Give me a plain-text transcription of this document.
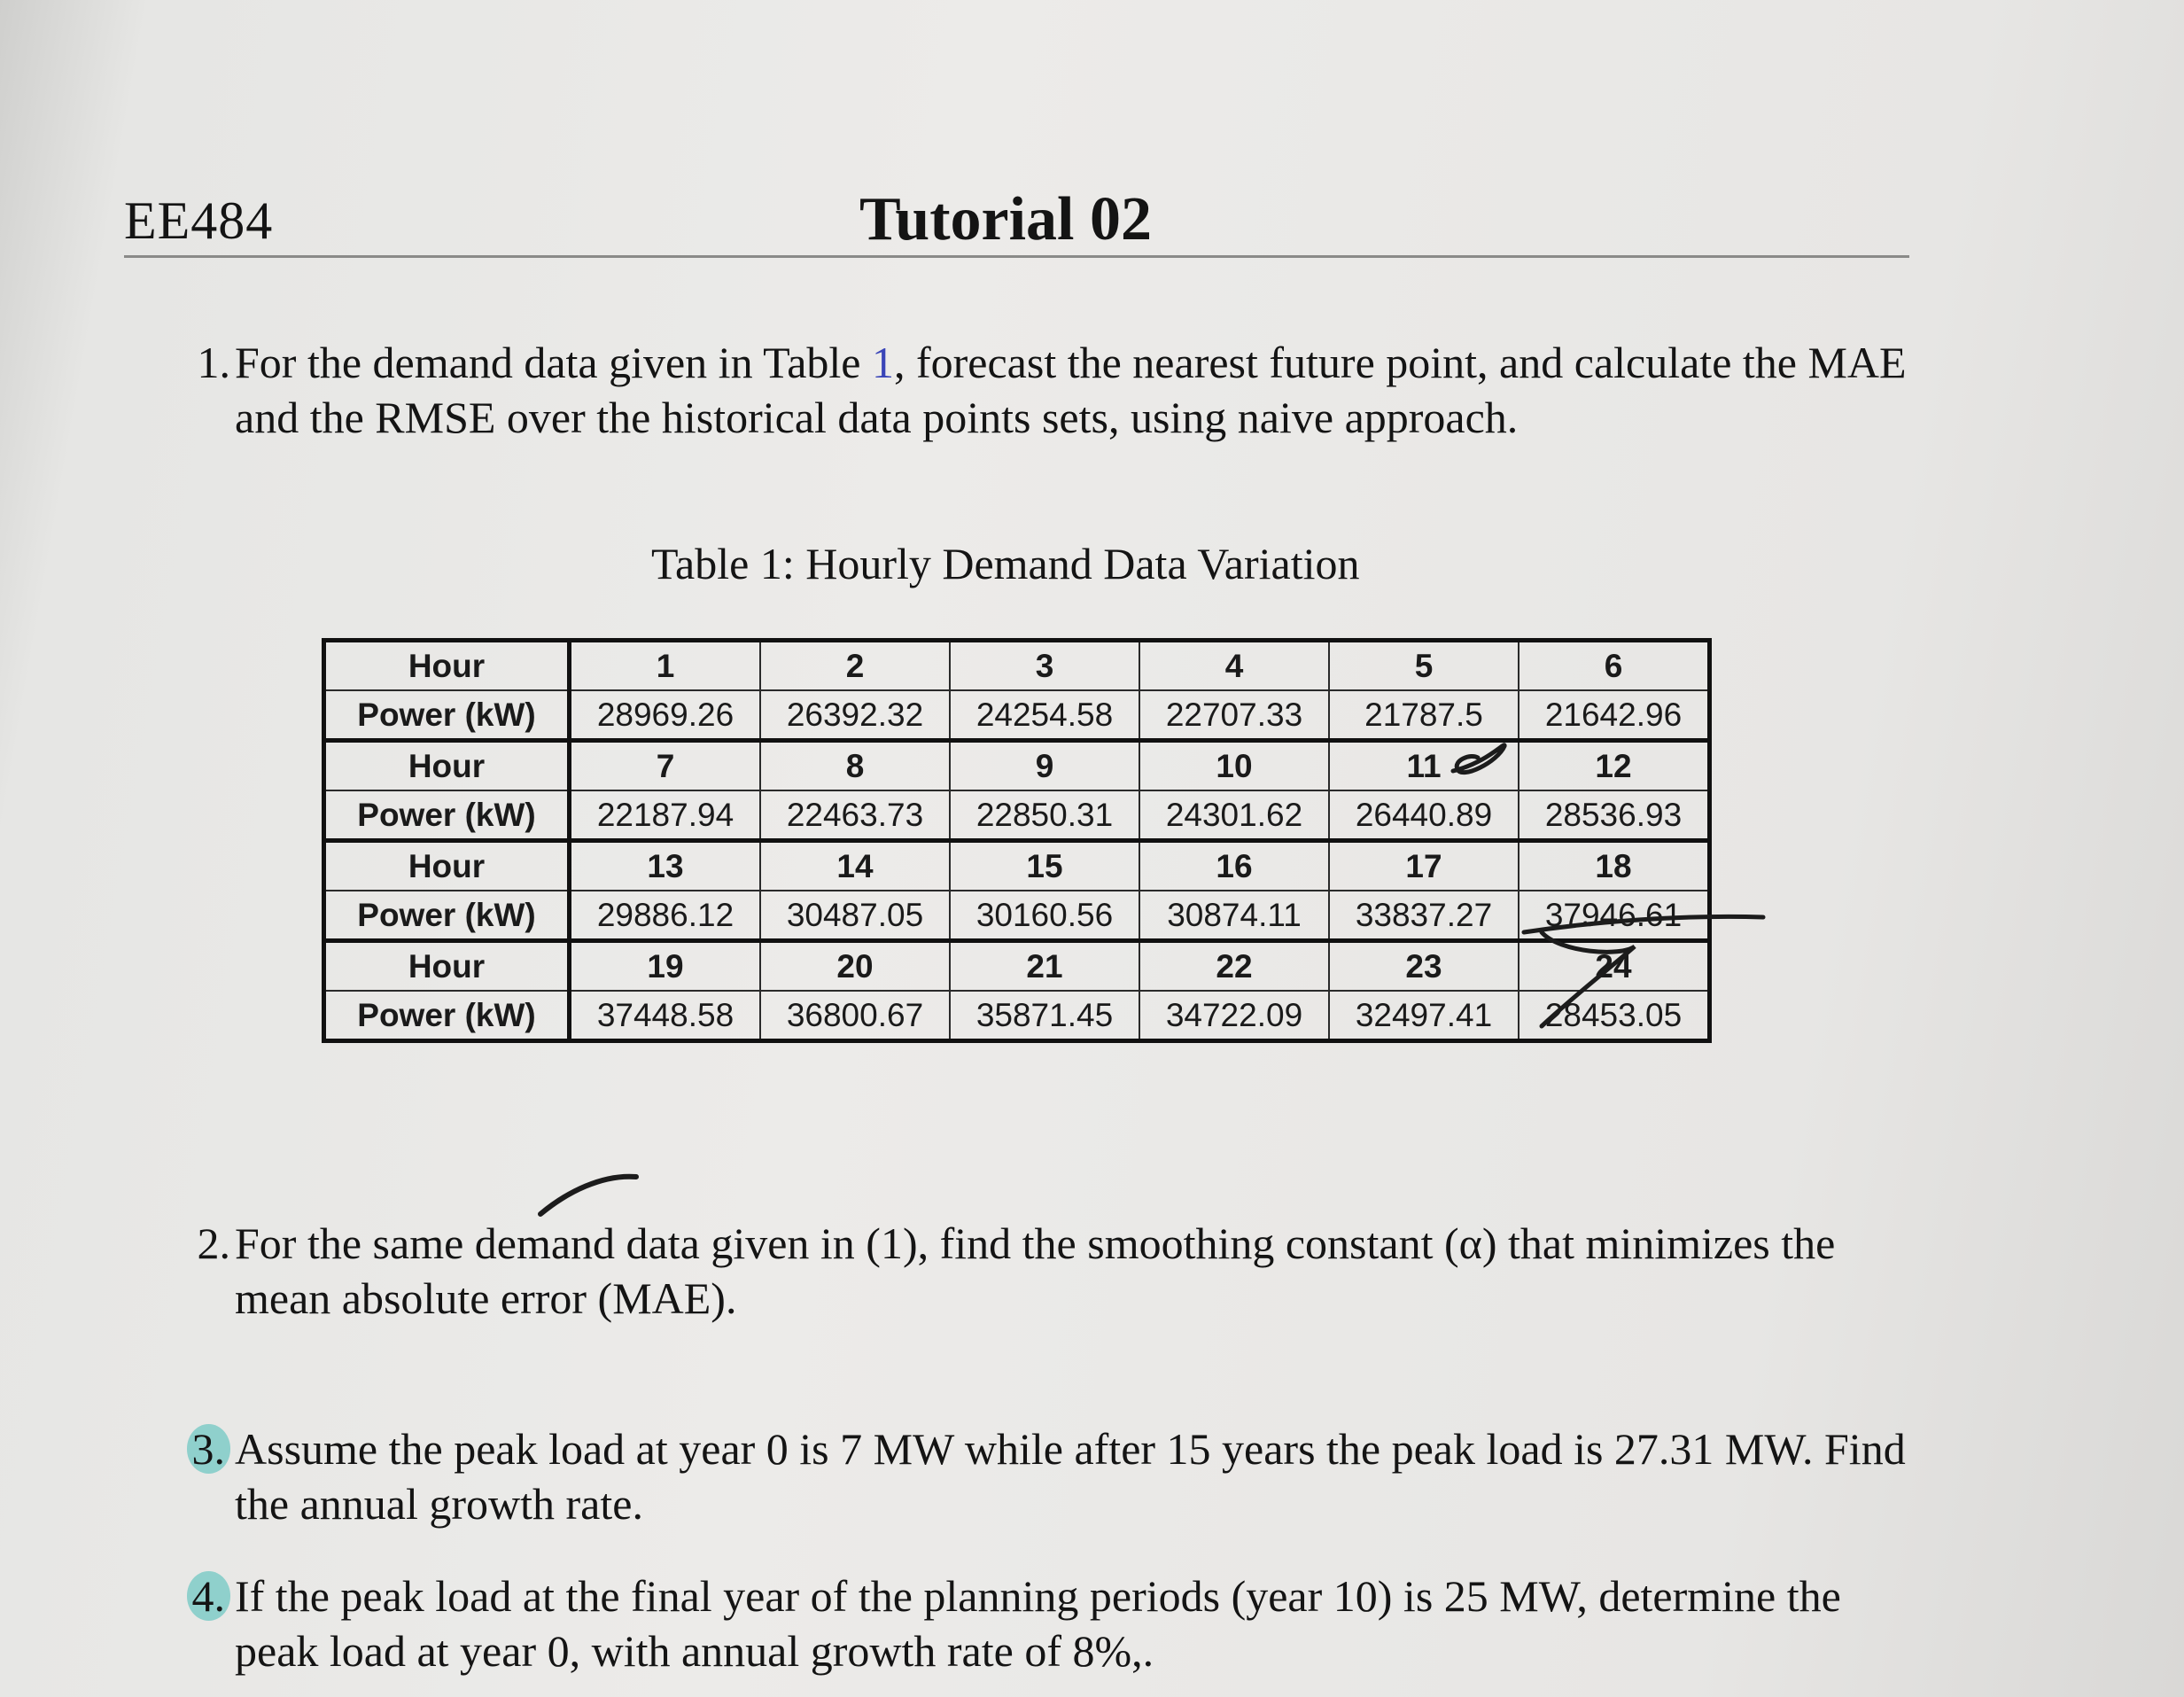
EE484	Tutorial 02
1. For the demand data given in Table 1, forecast the nearest future point, and calculate the MAE and the RMSE over the historical data points sets, using naive approach.
Table 1: Hourly Demand Data Variation
Hour	1	2	3	4	5	6
Power (kW)	28969.26	26392.32	24254.58	22707.33	21787.5	21642.96
Hour	7	8	9	10	11	12
Power (kW)	22187.94	22463.73	22850.31	24301.62	26440.89	28536.93
Hour	13	14	15	16	17	18
Power (kW)	29886.12	30487.05	30160.56	30874.11	33837.27	37946.61
Hour	19	20	21	22	23	24
Power (kW)	37448.58	36800.67	35871.45	34722.09	32497.41	28453.05
2. For the same demand data given in (1), find the smoothing constant (α) that minimizes the mean absolute error (MAE).
3. Assume the peak load at year 0 is 7 MW while after 15 years the peak load is 27.31 MW. Find the annual growth rate.
4. If the peak load at the final year of the planning periods (year 10) is 25 MW, determine the peak load at year 0, with annual growth rate of 8%,.
